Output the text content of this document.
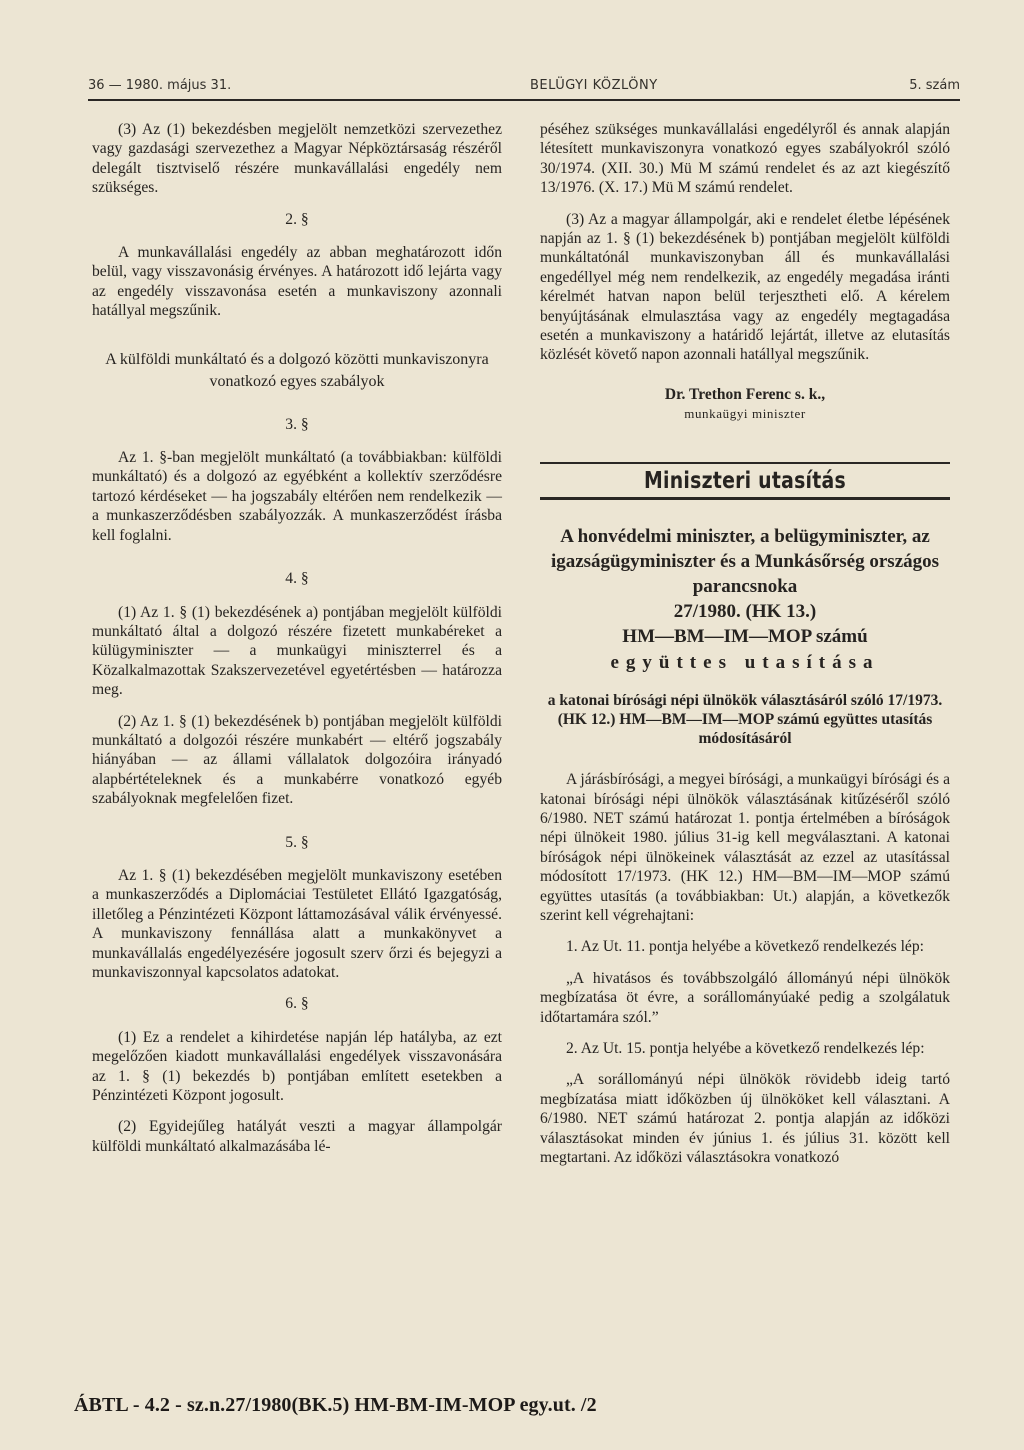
36 — 1980. május 31.	BELÜGYI KÖZLÖNY	5. szám

(3) Az (1) bekezdésben megjelölt nemzetközi szervezethez vagy gazdasági szervezethez a Magyar Népköztársaság részéről delegált tisztviselő részére munkavállalási engedély nem szükséges.

2. §

A munkavállalási engedély az abban meghatározott időn belül, vagy visszavonásig érvényes. A határozott idő lejárta vagy az engedély visszavonása esetén a munkaviszony azonnali hatállyal megszűnik.

A külföldi munkáltató és a dolgozó közötti munkaviszonyra vonatkozó egyes szabályok
3. §

Az 1. §-ban megjelölt munkáltató (a továbbiakban: külföldi munkáltató) és a dolgozó az egyébként a kollektív szerződésre tartozó kérdéseket — ha jogszabály eltérően nem rendelkezik — a munkaszerződésben szabályozzák. A munkaszerződést írásba kell foglalni.

4. §

(1) Az 1. § (1) bekezdésének a) pontjában megjelölt külföldi munkáltató által a dolgozó részére fizetett munkabéreket a külügyminiszter — a munkaügyi miniszterrel és a Közalkalmazottak Szakszervezetével egyetértésben — határozza meg.

(2) Az 1. § (1) bekezdésének b) pontjában megjelölt külföldi munkáltató a dolgozói részére munkabért — eltérő jogszabály hiányában — az állami vállalatok dolgozóira irányadó alapbértételeknek és a munkabérre vonatkozó egyéb szabályoknak megfelelően fizet.

5. §

Az 1. § (1) bekezdésében megjelölt munkaviszony esetében a munkaszerződés a Diplomáciai Testületet Ellátó Igazgatóság, illetőleg a Pénzintézeti Központ láttamozásával válik érvényessé. A munkaviszony fennállása alatt a munkakönyvet a munkavállalás engedélyezésére jogosult szerv őrzi és bejegyzi a munkaviszonnyal kapcsolatos adatokat.

6. §

(1) Ez a rendelet a kihirdetése napján lép hatályba, az ezt megelőzően kiadott munkavállalási engedélyek visszavonására az 1. § (1) bekezdés b) pontjában említett esetekben a Pénzintézeti Központ jogosult.

(2) Egyidejűleg hatályát veszti a magyar állampolgár külföldi munkáltató alkalmazásába lé-

péséhez szükséges munkavállalási engedélyről és annak alapján létesített munkaviszonyra vonatkozó egyes szabályokról szóló 30/1974. (XII. 30.) Mü M számú rendelet és az azt kiegészítő 13/1976. (X. 17.) Mü M számú rendelet.

(3) Az a magyar állampolgár, aki e rendelet életbe lépésének napján az 1. § (1) bekezdésének b) pontjában megjelölt külföldi munkáltatónál munkaviszonyban áll és munkavállalási engedéllyel még nem rendelkezik, az engedély megadása iránti kérelmét hatvan napon belül terjesztheti elő. A kérelem benyújtásának elmulasztása vagy az engedély megtagadása esetén a munkaviszony a határidő lejártát, illetve az elutasítás közlését követő napon azonnali hatállyal megszűnik.

Dr. Trethon Ferenc s. k.,
munkaügyi miniszter
Miniszteri utasítás
A honvédelmi miniszter, a belügyminiszter, az igazságügyminiszter és a Munkásőrség országos parancsnoka
27/1980. (HK 13.)
HM—BM—IM—MOP számú
együttes utasítása
a katonai bírósági népi ülnökök választásáról szóló 17/1973. (HK 12.) HM—BM—IM—MOP számú együttes utasítás módosításáról

A járásbírósági, a megyei bírósági, a munkaügyi bírósági és a katonai bírósági népi ülnökök választásának kitűzéséről szóló 6/1980. NET számú határozat 1. pontja értelmében a bíróságok népi ülnökeit 1980. július 31-ig kell megválasztani. A katonai bíróságok népi ülnökeinek választását az ezzel az utasítással módosított 17/1973. (HK 12.) HM—BM—IM—MOP számú együttes utasítás (a továbbiakban: Ut.) alapján, a következők szerint kell végrehajtani:

1. Az Ut. 11. pontja helyébe a következő rendelkezés lép:

„A hivatásos és továbbszolgáló állományú népi ülnökök megbízatása öt évre, a sorállományúaké pedig a szolgálatuk időtartamára szól.”

2. Az Ut. 15. pontja helyébe a következő rendelkezés lép:

„A sorállományú népi ülnökök rövidebb ideig tartó megbízatása miatt időközben új ülnököket kell választani. A 6/1980. NET számú határozat 2. pontja alapján az időközi választásokat minden év június 1. és július 31. között kell megtartani. Az időközi választásokra vonatkozó

ÁBTL - 4.2 - sz.n.27/1980(BK.5) HM-BM-IM-MOP egy.ut. /2
